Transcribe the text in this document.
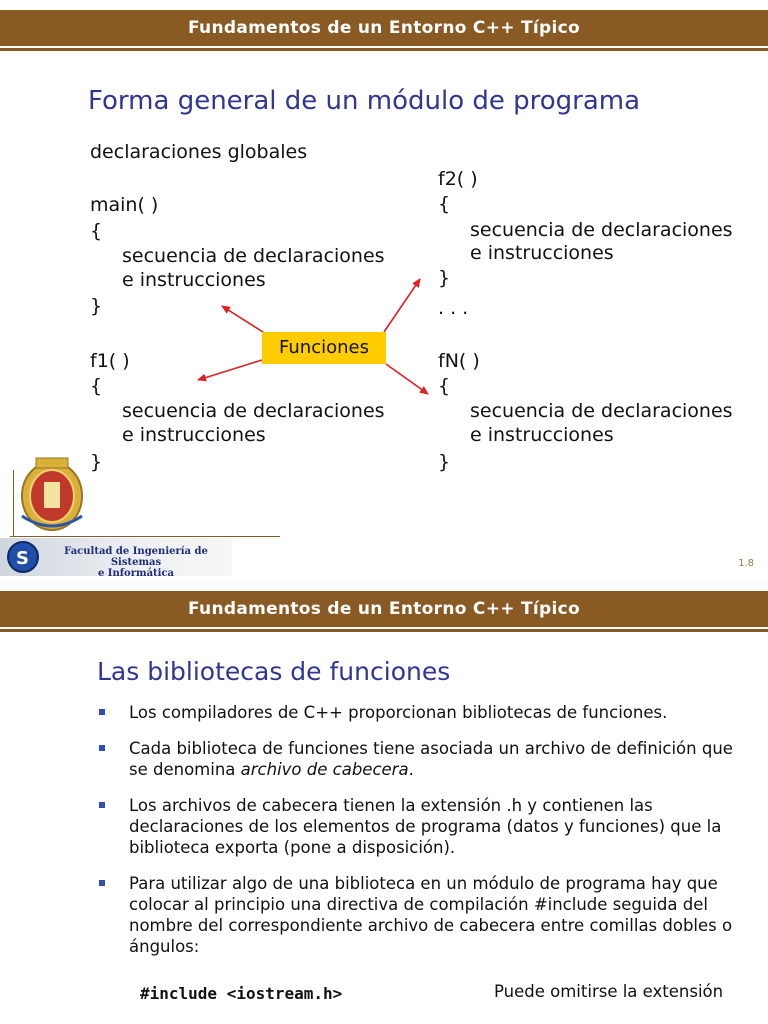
Fundamentos de un Entorno C++ Típico
Forma general de un módulo de programa
declaraciones globales
main( )
{
secuencia de declaraciones
e instrucciones
}
f1( )
{
secuencia de declaraciones
e instrucciones
}
f2( )
{
secuencia de declaraciones
e instrucciones
}
. . .
fN( )
{
secuencia de declaraciones
e instrucciones
}
Funciones
S	Facultad de Ingeniería de Sistemas
e Informática
1.8
Fundamentos de un Entorno C++ Típico
Las bibliotecas de funciones
Los compiladores de C++ proporcionan bibliotecas de funciones.
Cada biblioteca de funciones tiene asociada un archivo de definición que se denomina archivo de cabecera.
Los archivos de cabecera tienen la extensión .h y contienen las declaraciones de los elementos de programa (datos y funciones) que la biblioteca exporta (pone a disposición).
Para utilizar algo de una biblioteca en un módulo de programa hay que colocar al principio una directiva de compilación #include seguida del nombre del correspondiente archivo de cabecera entre comillas dobles o ángulos:
#include <iostream.h>	Puede omitirse la extensión
